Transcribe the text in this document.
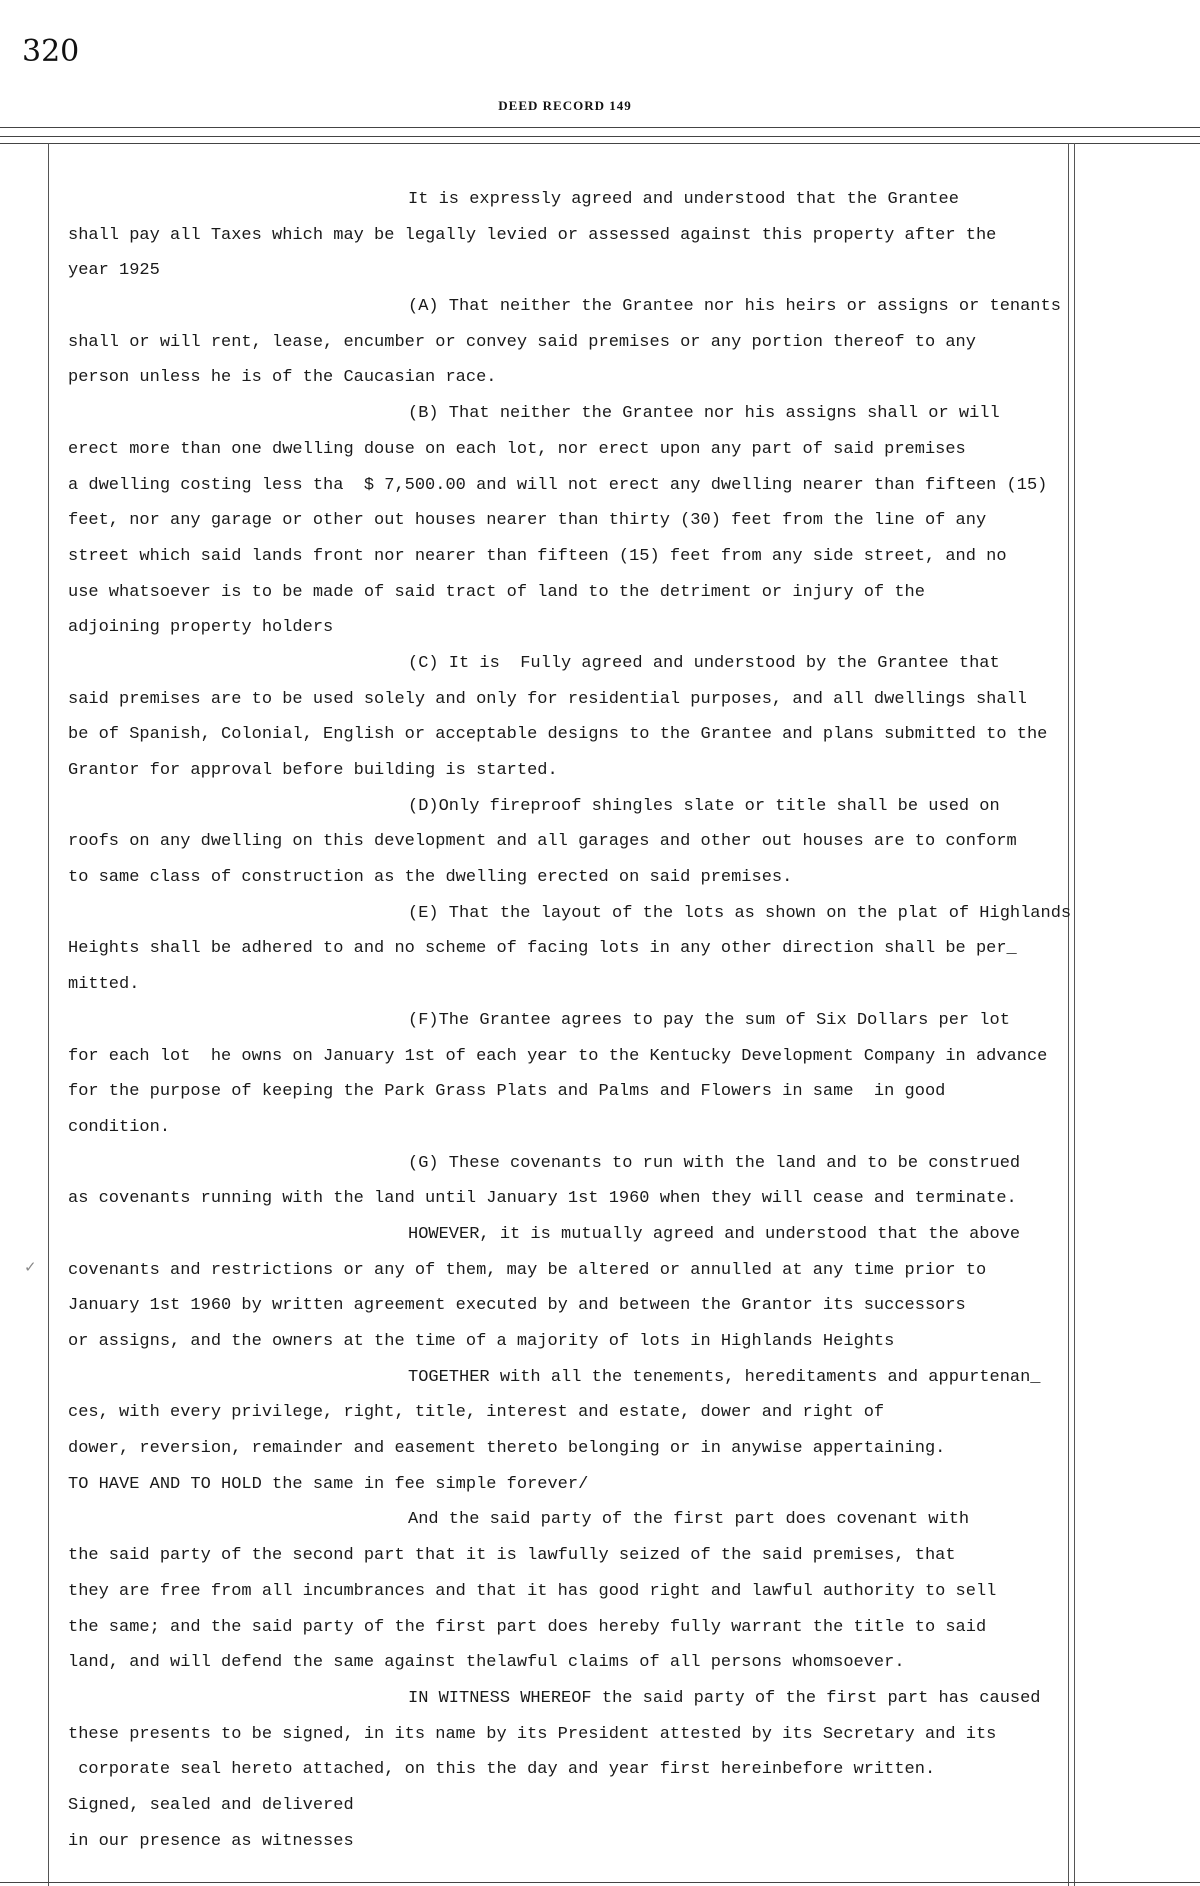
320
DEED RECORD 149
✓
It is expressly agreed and understood that the Grantee
shall pay all Taxes which may be legally levied or assessed against this property after the
year 1925
(A) That neither the Grantee nor his heirs or assigns or tenants
shall or will rent, lease, encumber or convey said premises or any portion thereof to any
person unless he is of the Caucasian race.
(B) That neither the Grantee nor his assigns shall or will
erect more than one dwelling douse on each lot, nor erect upon any part of said premises
a dwelling costing less tha  $ 7,500.00 and will not erect any dwelling nearer than fifteen (15)
feet, nor any garage or other out houses nearer than thirty (30) feet from the line of any
street which said lands front nor nearer than fifteen (15) feet from any side street, and no
use whatsoever is to be made of said tract of land to the detriment or injury of the
adjoining property holders
(C) It is  Fully agreed and understood by the Grantee that
said premises are to be used solely and only for residential purposes, and all dwellings shall
be of Spanish, Colonial, English or acceptable designs to the Grantee and plans submitted to the
Grantor for approval before building is started.
(D)Only fireproof shingles slate or title shall be used on
roofs on any dwelling on this development and all garages and other out houses are to conform
to same class of construction as the dwelling erected on said premises.
(E) That the layout of the lots as shown on the plat of Highlands
Heights shall be adhered to and no scheme of facing lots in any other direction shall be per_
mitted.
(F)The Grantee agrees to pay the sum of Six Dollars per lot
for each lot  he owns on January 1st of each year to the Kentucky Development Company in advance
for the purpose of keeping the Park Grass Plats and Palms and Flowers in same  in good
condition.
(G) These covenants to run with the land and to be construed
as covenants running with the land until January 1st 1960 when they will cease and terminate.
HOWEVER, it is mutually agreed and understood that the above
covenants and restrictions or any of them, may be altered or annulled at any time prior to
January 1st 1960 by written agreement executed by and between the Grantor its successors
or assigns, and the owners at the time of a majority of lots in Highlands Heights
TOGETHER with all the tenements, hereditaments and appurtenan_
ces, with every privilege, right, title, interest and estate, dower and right of
dower, reversion, remainder and easement thereto belonging or in anywise appertaining.
TO HAVE AND TO HOLD the same in fee simple forever/
And the said party of the first part does covenant with
the said party of the second part that it is lawfully seized of the said premises, that
they are free from all incumbrances and that it has good right and lawful authority to sell
the same; and the said party of the first part does hereby fully warrant the title to said
land, and will defend the same against thelawful claims of all persons whomsoever.
IN WITNESS WHEREOF the said party of the first part has caused
these presents to be signed, in its name by its President attested by its Secretary and its
corporate seal hereto attached, on this the day and year first hereinbefore written.
Signed, sealed and delivered
in our presence as witnesses
